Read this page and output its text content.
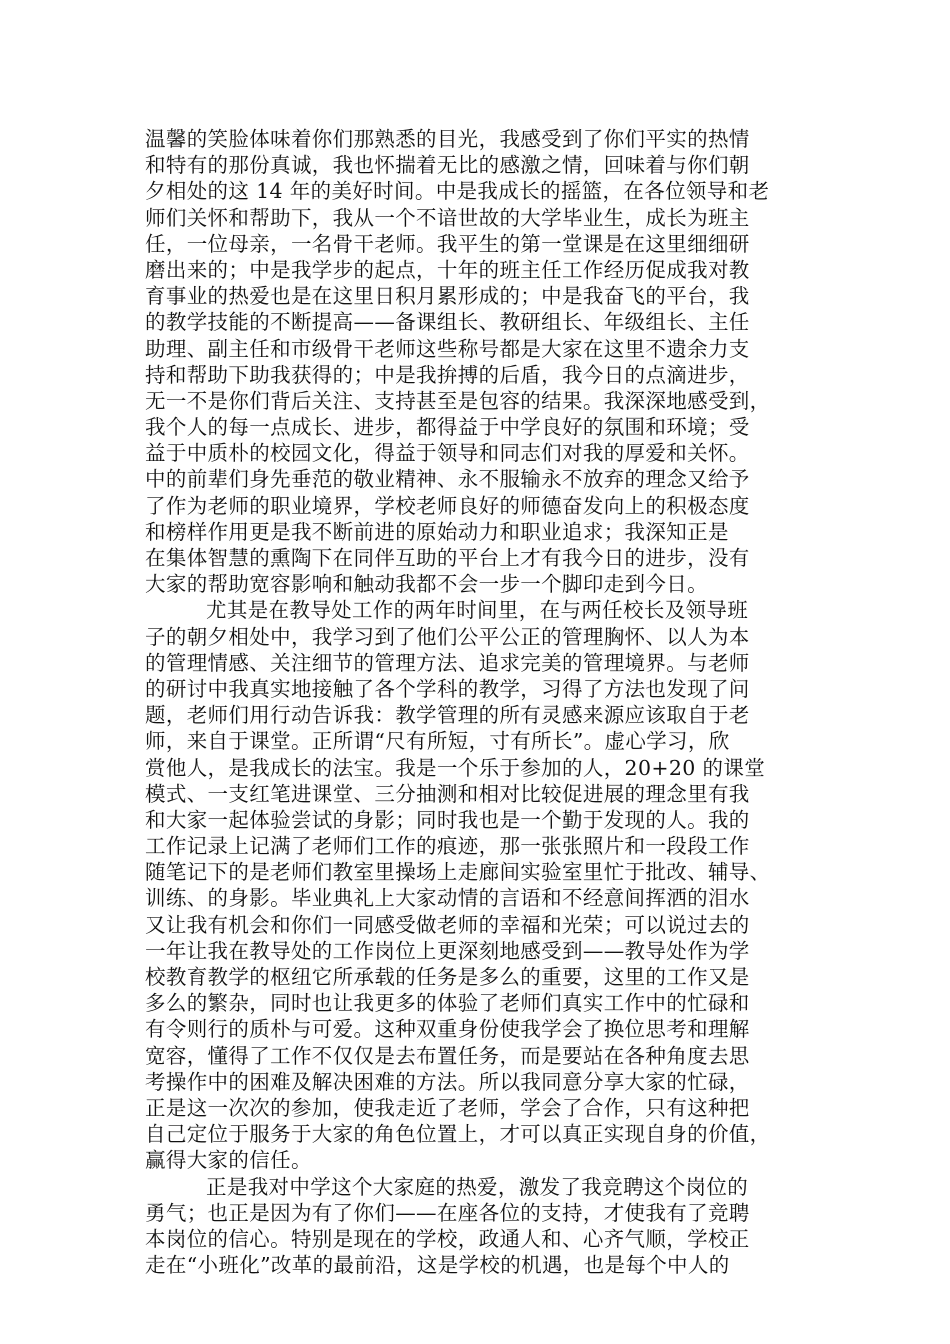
温馨的笑脸体味着你们那熟悉的目光，我感受到了你们平实的热情
和特有的那份真诚，我也怀揣着无比的感激之情，回味着与你们朝
夕相处的这 14 年的美好时间。中是我成长的摇篮，在各位领导和老
师们关怀和帮助下，我从一个不谙世故的大学毕业生，成长为班主
任，一位母亲，一名骨干老师。我平生的第一堂课是在这里细细研
磨出来的；中是我学步的起点，十年的班主任工作经历促成我对教
育事业的热爱也是在这里日积月累形成的；中是我奋飞的平台，我
的教学技能的不断提高——备课组长、教研组长、年级组长、主任
助理、副主任和市级骨干老师这些称号都是大家在这里不遗余力支
持和帮助下助我获得的；中是我拚搏的后盾，我今日的点滴进步，
无一不是你们背后关注、支持甚至是包容的结果。我深深地感受到，
我个人的每一点成长、进步，都得益于中学良好的氛围和环境；受
益于中质朴的校园文化，得益于领导和同志们对我的厚爱和关怀。
中的前辈们身先垂范的敬业精神、永不服输永不放弃的理念又给予
了作为老师的职业境界，学校老师良好的师德奋发向上的积极态度
和榜样作用更是我不断前进的原始动力和职业追求；我深知正是
在集体智慧的熏陶下在同伴互助的平台上才有我今日的进步，没有
大家的帮助宽容影响和触动我都不会一步一个脚印走到今日。
尤其是在教导处工作的两年时间里，在与两任校长及领导班
子的朝夕相处中，我学习到了他们公平公正的管理胸怀、以人为本
的管理情感、关注细节的管理方法、追求完美的管理境界。与老师
的研讨中我真实地接触了各个学科的教学，习得了方法也发现了问
题，老师们用行动告诉我：教学管理的所有灵感来源应该取自于老
师，来自于课堂。正所谓“尺有所短，寸有所长”。虚心学习，欣
赏他人，是我成长的法宝。我是一个乐于参加的人，20+20 的课堂
模式、一支红笔进课堂、三分抽测和相对比较促进展的理念里有我
和大家一起体验尝试的身影；同时我也是一个勤于发现的人。我的
工作记录上记满了老师们工作的痕迹，那一张张照片和一段段工作
随笔记下的是老师们教室里操场上走廊间实验室里忙于批改、辅导、
训练、的身影。毕业典礼上大家动情的言语和不经意间挥洒的泪水
又让我有机会和你们一同感受做老师的幸福和光荣；可以说过去的
一年让我在教导处的工作岗位上更深刻地感受到——教导处作为学
校教育教学的枢纽它所承载的任务是多么的重要，这里的工作又是
多么的繁杂，同时也让我更多的体验了老师们真实工作中的忙碌和
有令则行的质朴与可爱。这种双重身份使我学会了换位思考和理解
宽容，懂得了工作不仅仅是去布置任务，而是要站在各种角度去思
考操作中的困难及解决困难的方法。所以我同意分享大家的忙碌，
正是这一次次的参加，使我走近了老师，学会了合作，只有这种把
自己定位于服务于大家的角色位置上，才可以真正实现自身的价值，
赢得大家的信任。
正是我对中学这个大家庭的热爱，激发了我竞聘这个岗位的
勇气；也正是因为有了你们——在座各位的支持，才使我有了竞聘
本岗位的信心。特别是现在的学校，政通人和、心齐气顺，学校正
走在“小班化”改革的最前沿，这是学校的机遇，也是每个中人的
